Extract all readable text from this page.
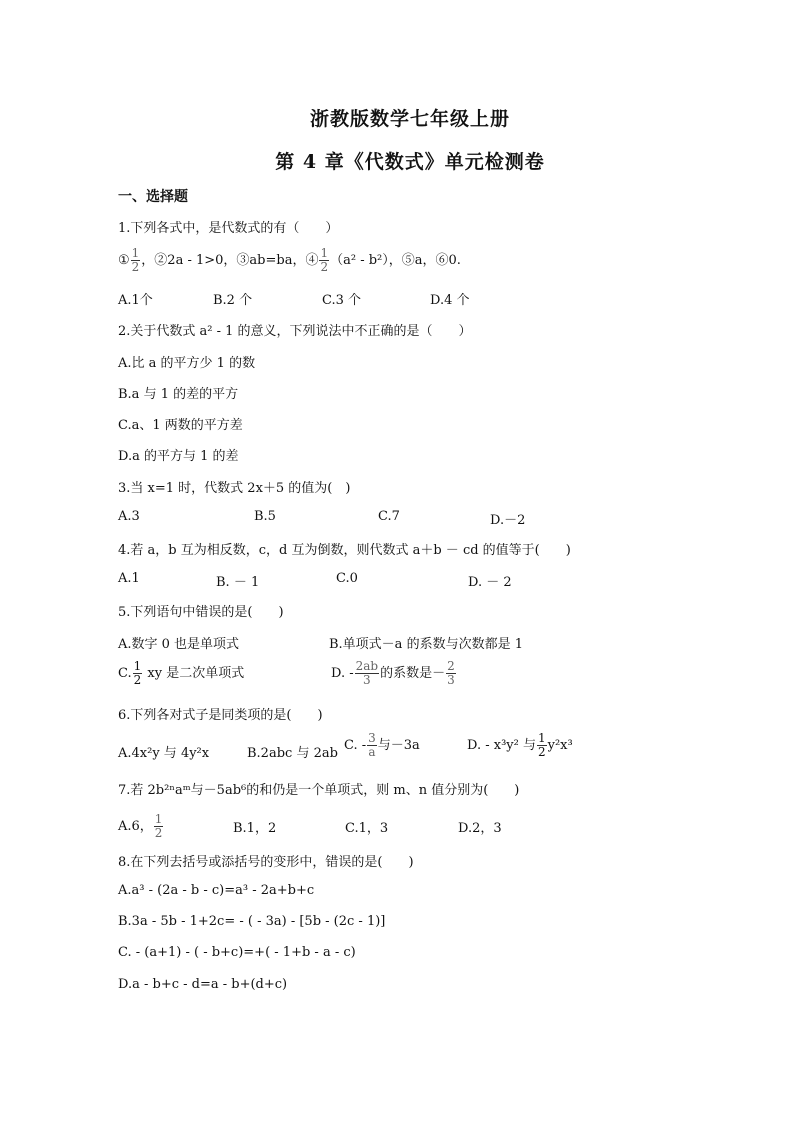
浙教版数学七年级上册
第 4 章《代数式》单元检测卷
一、选择题
1.下列各式中，是代数式的有（　　）
① $\frac{1}{2}$ ，②2a - 1>0，③ab=ba，④ $\frac{1}{2} (a^2 - b^2)$，⑤a，⑥0.
A.1个	B.2 个	C.3 个	D.4 个
2.关于代数式 a² - 1 的意义，下列说法中不正确的是（　　）
A.比 a 的平方少 1 的数
B.a 与 1 的差的平方
C.a、1 两数的平方差
D.a 的平方与 1 的差
3.当 x=1 时，代数式 2x＋5 的值为(　)
A.3	B.5	C.7	D.－2
4.若 a，b 互为相反数，c，d 互为倒数，则代数式 a＋b － cd 的值等于(　　)
A.1	B. － 1	C.0	D. － 2
5.下列语句中错误的是(　　)
A.数字 0 也是单项式	B.单项式－a 的系数与次数都是 1
C. $\frac{1}{2}$ xy 是二次单项式	D. - $\frac{2ab}{3}$ 的系数是－ $\frac{2}{3}$
6.下列各对式子是同类项的是(　　)
A.4x²y 与 4y²x	B.2abc 与 2ab
C. - $\frac{3}{a}$ 与－3a	D. - x³y² 与 $\frac{1}{2} y^2x^3$
7.若 2b²ⁿaᵐ与－5ab⁶的和仍是一个单项式，则 m、n 值分别为(　　)
A.6， $\frac{1}{2}$	B.1，2	C.1，3	D.2，3
8.在下列去括号或添括号的变形中，错误的是(　　)
A.a³ - (2a - b - c)=a³ - 2a+b+c
B.3a - 5b - 1+2c= - ( - 3a) - [5b - (2c - 1)]
C. - (a+1) - ( - b+c)=+( - 1+b - a - c)
D.a - b+c - d=a - b+(d+c)
